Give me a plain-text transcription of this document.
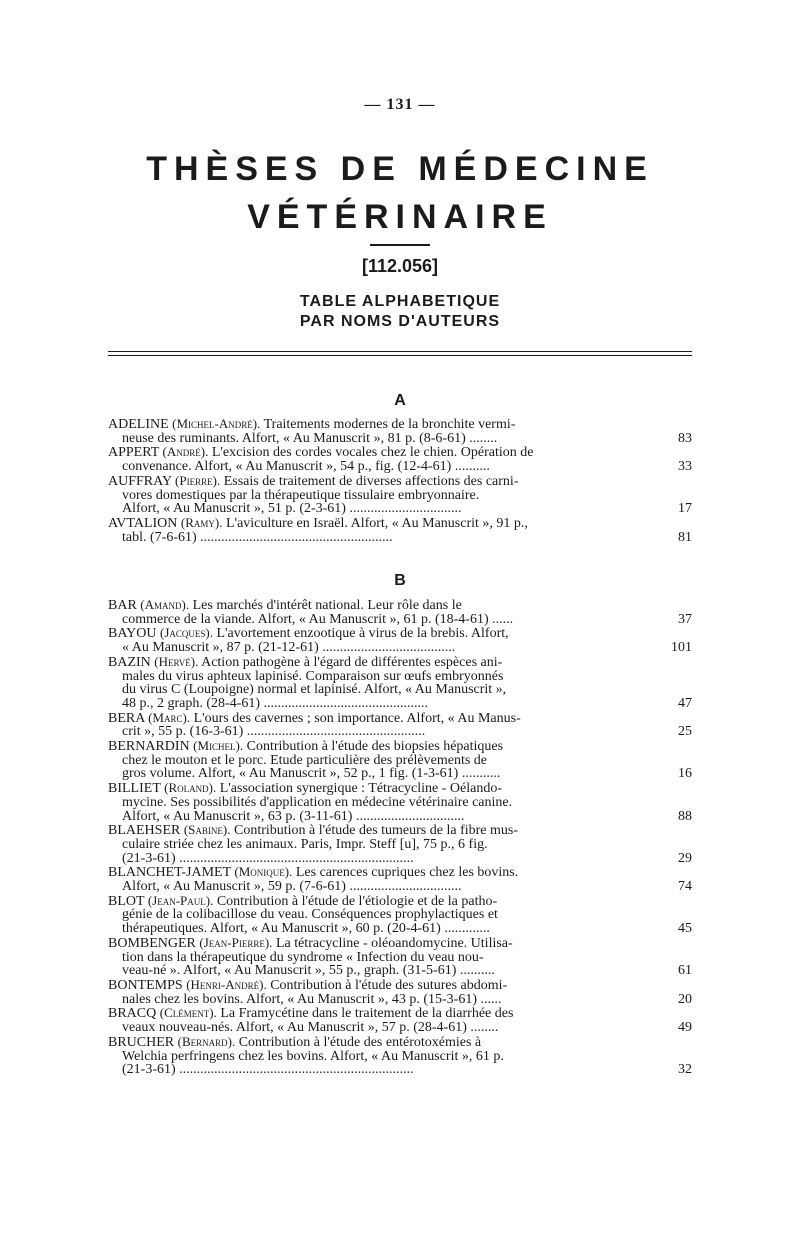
— 131 —
THÈSES DE MÉDECINE
VÉTÉRINAIRE
[112.056]
TABLE ALPHABETIQUE
PAR NOMS D'AUTEURS
A
ADELINE (Michel-André). Traitements modernes de la bronchite vermi-
neuse des ruminants. Alfort, « Au Manuscrit », 81 p. (8-6-61) ........	83
APPERT (André). L'excision des cordes vocales chez le chien. Opération de
convenance. Alfort, « Au Manuscrit », 54 p., fig. (12-4-61) ..........	33
AUFFRAY (Pierre). Essais de traitement de diverses affections des carni-
vores domestiques par la thérapeutique tissulaire embryonnaire.
Alfort, « Au Manuscrit », 51 p. (2-3-61) ................................	17
AVTALION (Ramy). L'aviculture en Israël. Alfort, « Au Manuscrit », 91 p.,
tabl. (7-6-61) .......................................................	81
B
BAR (Amand). Les marchés d'intérêt national. Leur rôle dans le
commerce de la viande. Alfort, « Au Manuscrit », 61 p. (18-4-61) ......	37
BAYOU (Jacques). L'avortement enzootique à virus de la brebis. Alfort,
« Au Manuscrit », 87 p. (21-12-61) ......................................	101
BAZIN (Hervé). Action pathogène à l'égard de différentes espèces ani-
males du virus aphteux lapinisé. Comparaison sur œufs embryonnés
du virus C (Loupoigne) normal et lapinisé. Alfort, « Au Manuscrit »,
48 p., 2 graph. (28-4-61) ...............................................	47
BERA (Marc). L'ours des cavernes ; son importance. Alfort, « Au Manus-
crit », 55 p. (16-3-61) ...................................................	25
BERNARDIN (Michel). Contribution à l'étude des biopsies hépatiques
chez le mouton et le porc. Etude particulière des prélèvements de
gros volume. Alfort, « Au Manuscrit », 52 p., 1 fig. (1-3-61) ...........	16
BILLIET (Roland). L'association synergique : Tétracycline - Oélando-
mycine. Ses possibilités d'application en médecine vétérinaire canine.
Alfort, « Au Manuscrit », 63 p. (3-11-61) ...............................	88
BLAEHSER (Sabine). Contribution à l'étude des tumeurs de la fibre mus-
culaire striée chez les animaux. Paris, Impr. Steff [u], 75 p., 6 fig.
(21-3-61) ...................................................................	29
BLANCHET-JAMET (Monique). Les carences cupriques chez les bovins.
Alfort, « Au Manuscrit », 59 p. (7-6-61) ................................	74
BLOT (Jean-Paul). Contribution à l'étude de l'étiologie et de la patho-
génie de la colibacillose du veau. Conséquences prophylactiques et
thérapeutiques. Alfort, « Au Manuscrit », 60 p. (20-4-61) .............	45
BOMBENGER (Jean-Pierre). La tétracycline - oléoandomycine. Utilisa-
tion dans la thérapeutique du syndrome « Infection du veau nou-
veau-né ». Alfort, « Au Manuscrit », 55 p., graph. (31-5-61) ..........	61
BONTEMPS (Henri-André). Contribution à l'étude des sutures abdomi-
nales chez les bovins. Alfort, « Au Manuscrit », 43 p. (15-3-61) ......	20
BRACQ (Clément). La Framycétine dans le traitement de la diarrhée des
veaux nouveau-nés. Alfort, « Au Manuscrit », 57 p. (28-4-61) ........	49
BRUCHER (Bernard). Contribution à l'étude des entérotoxémies à
Welchia perfringens chez les bovins. Alfort, « Au Manuscrit », 61 p.
(21-3-61) ...................................................................	32
